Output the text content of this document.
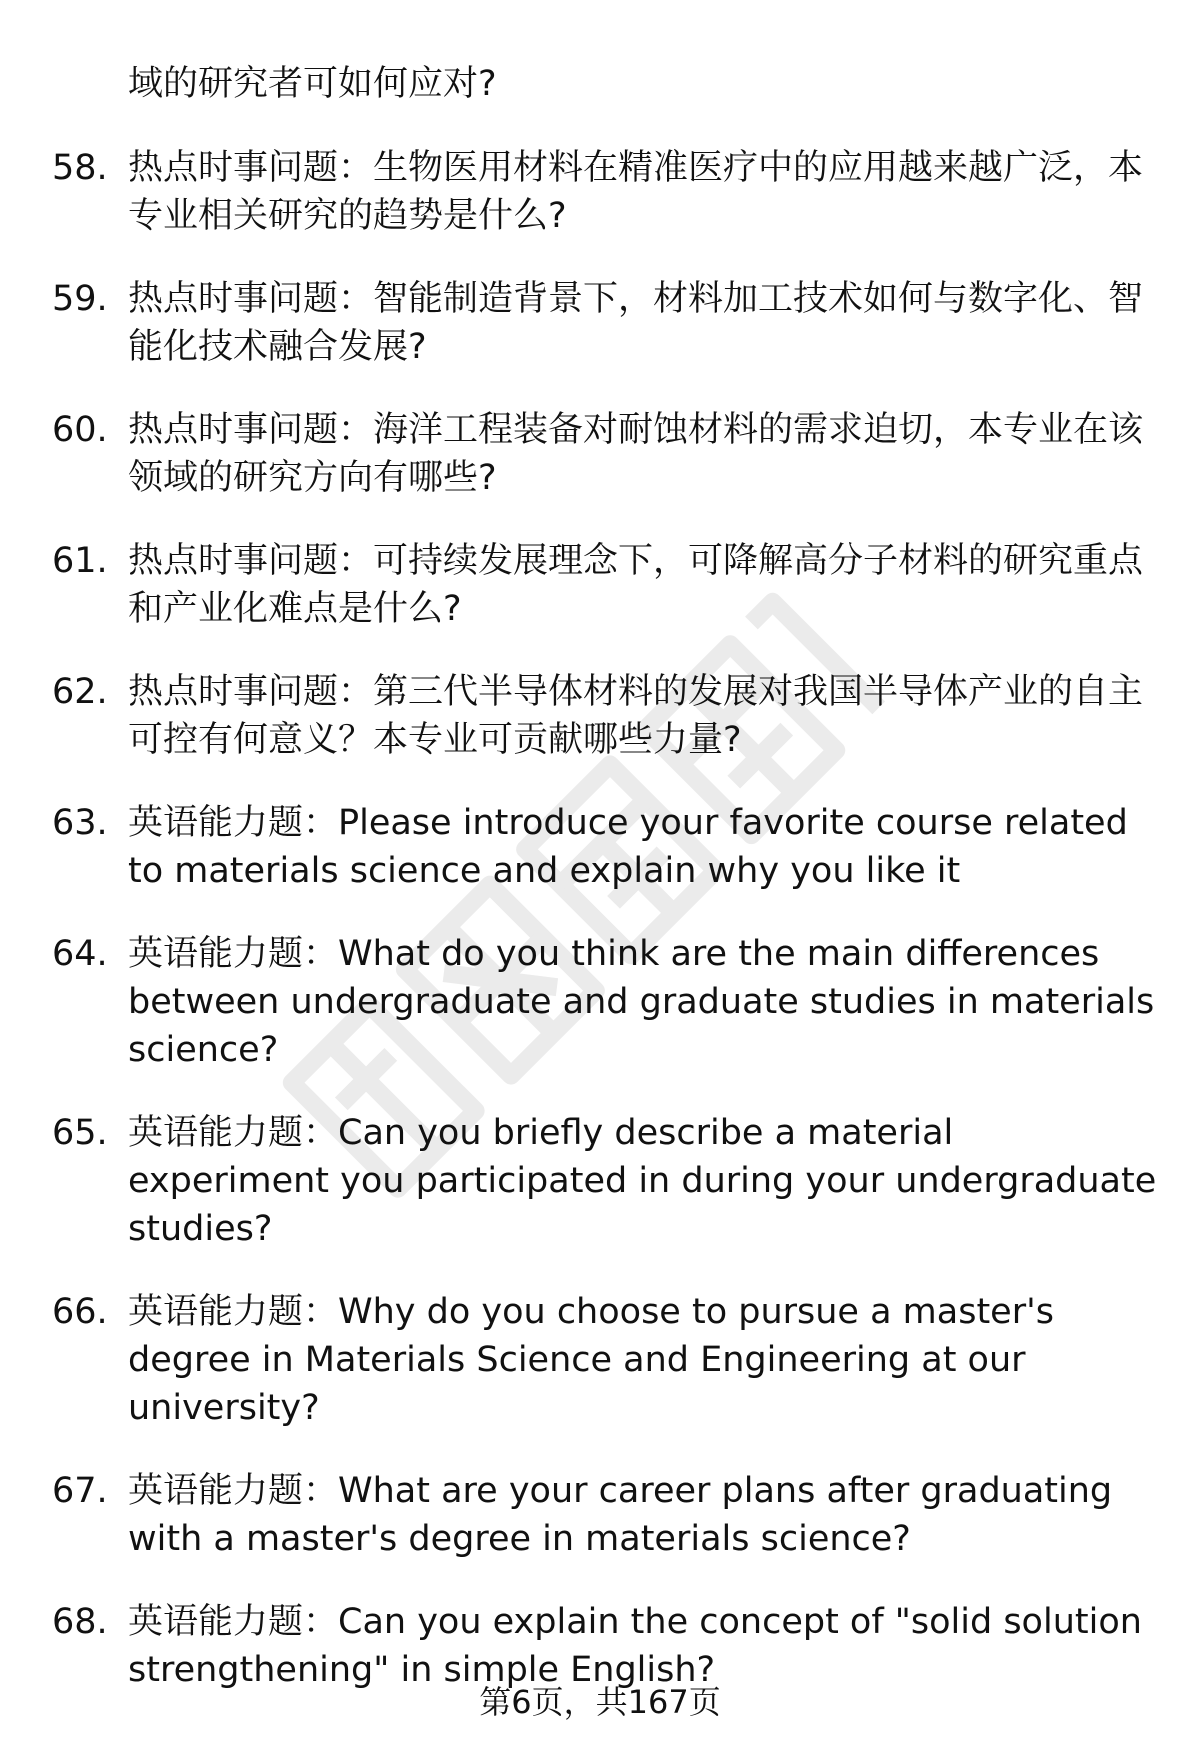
域的研究者可如何应对?
58. 热点时事问题：生物医用材料在精准医疗中的应用越来越广泛，本专业相关研究的趋势是什么?
59. 热点时事问题：智能制造背景下，材料加工技术如何与数字化、智能化技术融合发展?
60. 热点时事问题：海洋工程装备对耐蚀材料的需求迫切，本专业在该领域的研究方向有哪些?
61. 热点时事问题：可持续发展理念下，可降解高分子材料的研究重点和产业化难点是什么?
62. 热点时事问题：第三代半导体材料的发展对我国半导体产业的自主可控有何意义？本专业可贡献哪些力量?
63. 英语能力题：Please introduce your favorite course related to materials science and explain why you like it
64. 英语能力题：What do you think are the main differences between undergraduate and graduate studies in materials science?
65. 英语能力题：Can you briefly describe a material experiment you participated in during your undergraduate studies?
66. 英语能力题：Why do you choose to pursue a master's degree in Materials Science and Engineering at our university?
67. 英语能力题：What are your career plans after graduating with a master's degree in materials science?
68. 英语能力题：Can you explain the concept of "solid solution strengthening" in simple English?
第6页，共167页
